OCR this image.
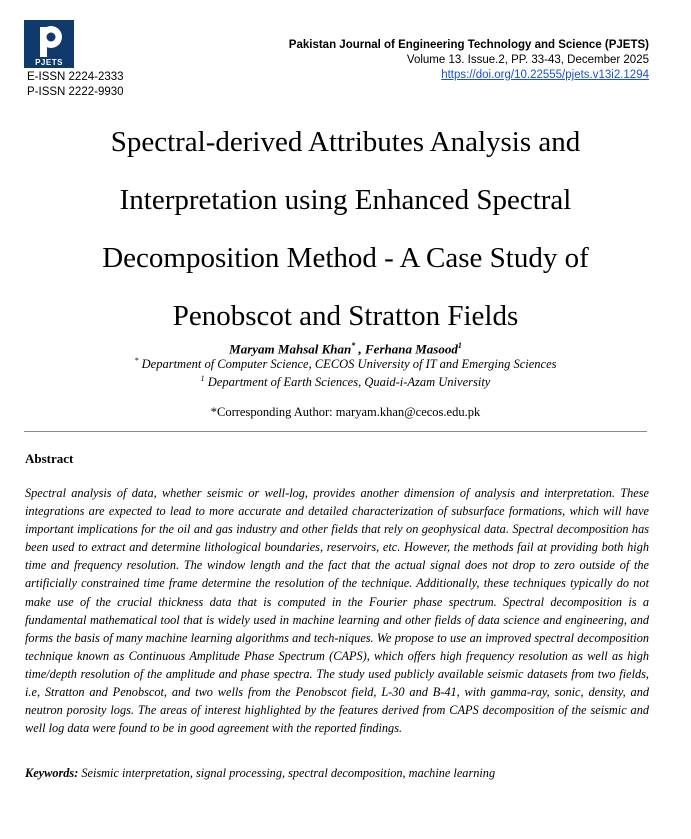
PJETS
E-ISSN 2224-2333
P-ISSN 2222-9930
Pakistan Journal of Engineering Technology and Science (PJETS)
Volume 13. Issue.2, PP. 33-43, December 2025
https://doi.org/10.22555/pjets.v13i2.1294
Spectral-derived Attributes Analysis and
Interpretation using Enhanced Spectral
Decomposition Method - A Case Study of
Penobscot and Stratton Fields
Maryam Mahsal Khan* , Ferhana Masood$^1$
* Department of Computer Science, CECOS University of IT and Emerging Sciences
$^1$ Department of Earth Sciences, Quaid-i-Azam University
*Corresponding Author: maryam.khan@cecos.edu.pk
Abstract
Spectral analysis of data, whether seismic or well-log, provides another dimension of analysis and interpretation. These integrations are expected to lead to more accurate and detailed characterization of subsurface formations, which will have important implications for the oil and gas industry and other fields that rely on geophysical data. Spectral decomposition has been used to extract and determine lithological boundaries, reservoirs, etc. However, the methods fail at providing both high time and frequency resolution. The window length and the fact that the actual signal does not drop to zero outside of the artificially constrained time frame determine the resolution of the technique. Additionally, these techniques typically do not make use of the crucial thickness data that is computed in the Fourier phase spectrum. Spectral decomposition is a fundamental mathematical tool that is widely used in machine learning and other fields of data science and engineering, and forms the basis of many machine learning algorithms and tech-niques. We propose to use an improved spectral decomposition technique known as Continuous Amplitude Phase Spectrum (CAPS), which offers high frequency resolution as well as high time/depth resolution of the amplitude and phase spectra. The study used publicly available seismic datasets from two fields, i.e, Stratton and Penobscot, and two wells from the Penobscot field, L-30 and B-41, with gamma-ray, sonic, density, and neutron porosity logs. The areas of interest highlighted by the features derived from CAPS decomposition of the seismic and well log data were found to be in good agreement with the reported findings.
Keywords: Seismic interpretation, signal processing, spectral decomposition, machine learning
